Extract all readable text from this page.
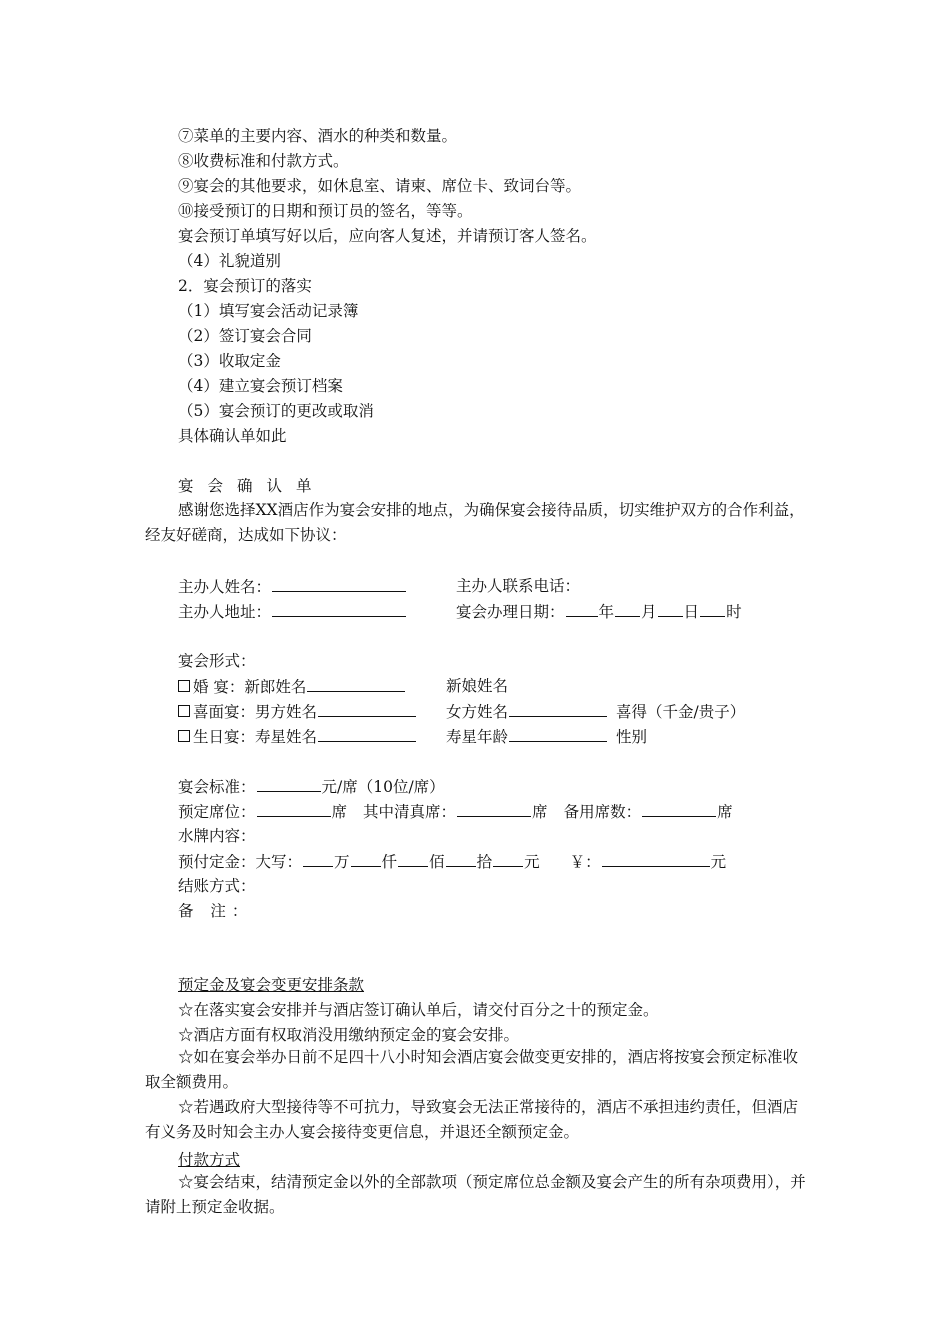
⑦菜单的主要内容、酒水的种类和数量。
⑧收费标准和付款方式。
⑨宴会的其他要求，如休息室、请柬、席位卡、致词台等。
⑩接受预订的日期和预订员的签名，等等。
宴会预订单填写好以后，应向客人复述，并请预订客人签名。
（4）礼貌道别
2．宴会预订的落实
（1）填写宴会活动记录簿
（2）签订宴会合同
（3）收取定金
（4）建立宴会预订档案
（5）宴会预订的更改或取消
具体确认单如此
宴会确认单
感谢您选择XX酒店作为宴会安排的地点，为确保宴会接待品质，切实维护双方的合作利益，经友好磋商，达成如下协议：
主办人姓名：	主办人联系电话：
主办人地址：	宴会办理日期： 年 月 日 时
宴会形式：
婚 宴：新郎姓名	新娘姓名
喜面宴：男方姓名	女方姓名	喜得（千金/贵子）
生日宴：寿星姓名	寿星年龄	性别
宴会标准：	元/席（10位/席）
预定席位：	席 其中清真席：	席 备用席数：	席
水牌内容：
预付定金：大写： 万 仟 佰 拾 元 ￥：	元
结账方式：
备 注：
预定金及宴会变更安排条款
☆在落实宴会安排并与酒店签订确认单后，请交付百分之十的预定金。
☆酒店方面有权取消没用缴纳预定金的宴会安排。
☆如在宴会举办日前不足四十八小时知会酒店宴会做变更安排的，酒店将按宴会预定标准收取全额费用。
☆若遇政府大型接待等不可抗力，导致宴会无法正常接待的，酒店不承担违约责任，但酒店有义务及时知会主办人宴会接待变更信息，并退还全额预定金。
付款方式
☆宴会结束，结清预定金以外的全部款项（预定席位总金额及宴会产生的所有杂项费用），并请附上预定金收据。
